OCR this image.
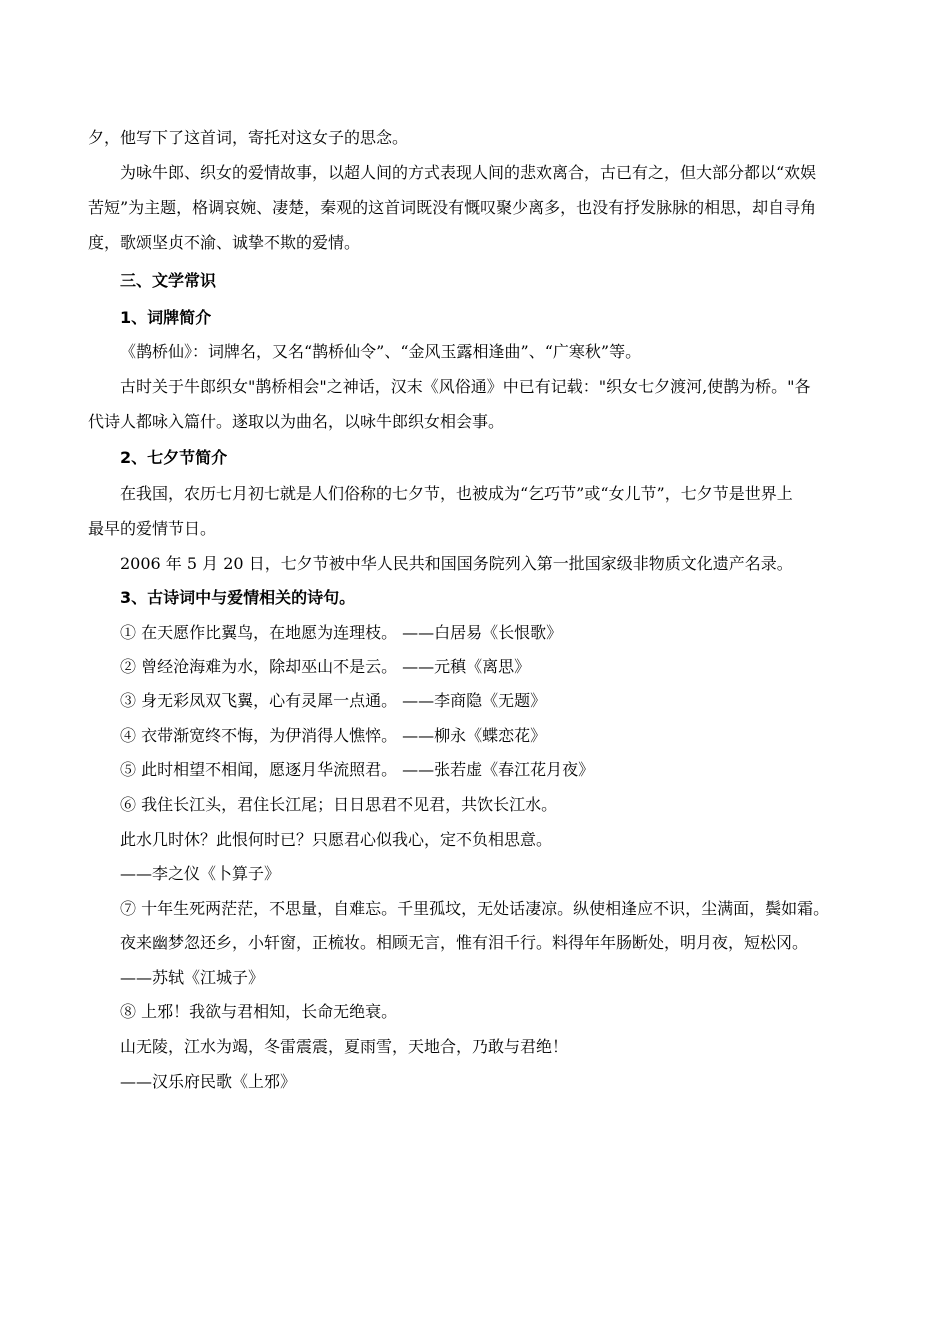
夕，他写下了这首词，寄托对这女子的思念。
为咏牛郎、织女的爱情故事，以超人间的方式表现人间的悲欢离合，古已有之，但大部分都以“欢娱
苦短”为主题，格调哀婉、凄楚，秦观的这首词既没有慨叹聚少离多，也没有抒发脉脉的相思，却自寻角
度，歌颂坚贞不渝、诚挚不欺的爱情。
三、文学常识
1、词牌简介
《鹊桥仙》：词牌名，又名“鹊桥仙令”、“金风玉露相逢曲”、“广寒秋”等。
古时关于牛郎织女"鹊桥相会"之神话，汉末《风俗通》中已有记载："织女七夕渡河,使鹊为桥。"各
代诗人都咏入篇什。遂取以为曲名，以咏牛郎织女相会事。
2、七夕节简介
在我国，农历七月初七就是人们俗称的七夕节，也被成为“乞巧节”或“女儿节”，七夕节是世界上
最早的爱情节日。
2006 年 5 月 20 日，七夕节被中华人民共和国国务院列入第一批国家级非物质文化遗产名录。
3、古诗词中与爱情相关的诗句。
① 在天愿作比翼鸟，在地愿为连理枝。 ——白居易《长恨歌》
② 曾经沧海难为水，除却巫山不是云。 ——元稹《离思》
③ 身无彩凤双飞翼，心有灵犀一点通。 ——李商隐《无题》
④ 衣带渐宽终不悔，为伊消得人憔悴。 ——柳永《蝶恋花》
⑤ 此时相望不相闻，愿逐月华流照君。 ——张若虚《春江花月夜》
⑥ 我住长江头，君住长江尾；日日思君不见君，共饮长江水。
此水几时休？此恨何时已？只愿君心似我心，定不负相思意。
——李之仪《卜算子》
⑦ 十年生死两茫茫，不思量，自难忘。千里孤坟，无处话凄凉。纵使相逢应不识，尘满面，鬓如霜。
夜来幽梦忽还乡，小轩窗，正梳妆。相顾无言，惟有泪千行。料得年年肠断处，明月夜，短松冈。
——苏轼《江城子》
⑧ 上邪！我欲与君相知，长命无绝衰。
山无陵，江水为竭，冬雷震震，夏雨雪，天地合，乃敢与君绝！
——汉乐府民歌《上邪》
